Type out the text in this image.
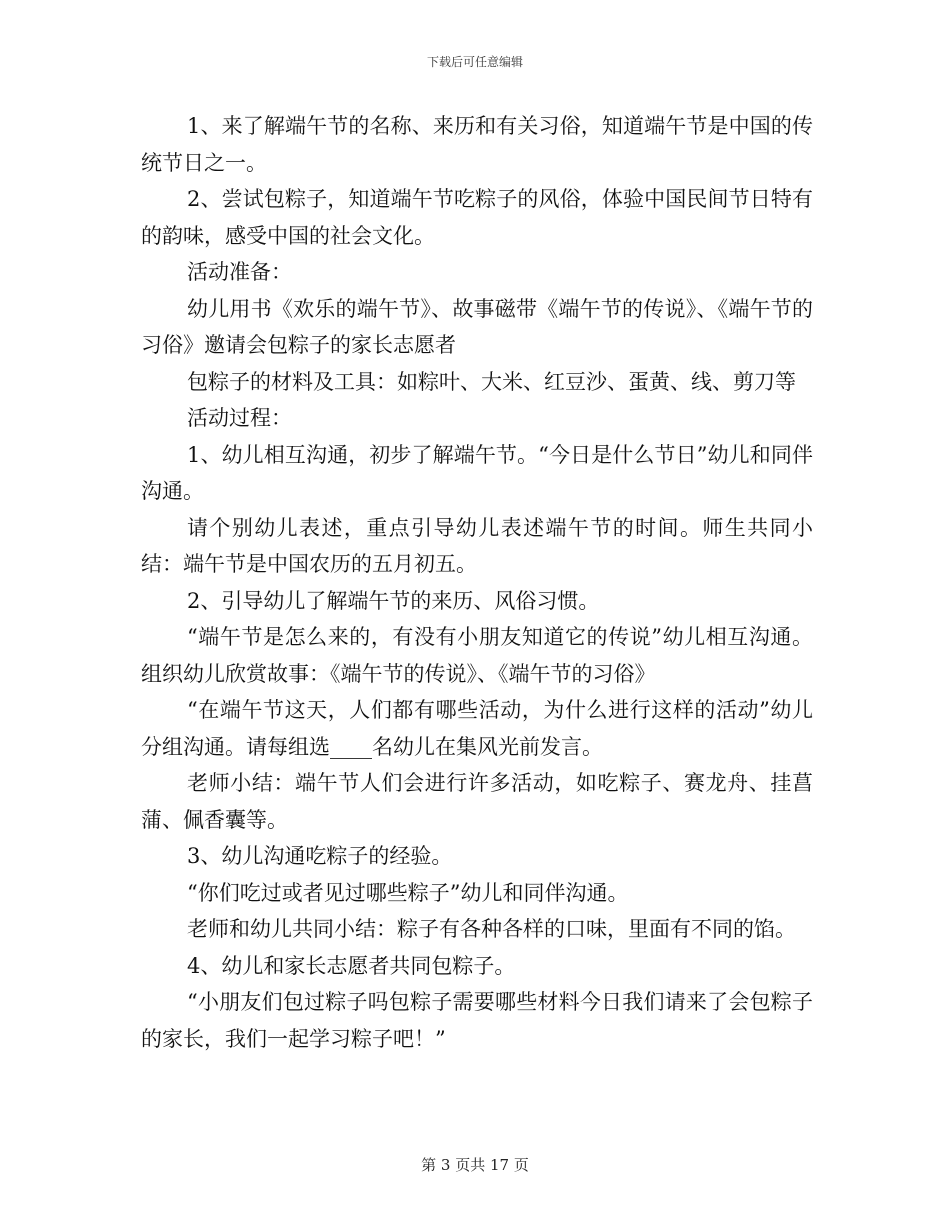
下载后可任意编辑

1、来了解端午节的名称、来历和有关习俗，知道端午节是中国的传统节日之一。

2、尝试包粽子，知道端午节吃粽子的风俗，体验中国民间节日特有的韵味，感受中国的社会文化。

活动准备：

幼儿用书《欢乐的端午节》、故事磁带《端午节的传说》、《端午节的习俗》邀请会包粽子的家长志愿者

包粽子的材料及工具：如粽叶、大米、红豆沙、蛋黄、线、剪刀等

活动过程：

1、幼儿相互沟通，初步了解端午节。“今日是什么节日”幼儿和同伴沟通。

请个别幼儿表述，重点引导幼儿表述端午节的时间。师生共同小结：端午节是中国农历的五月初五。

2、引导幼儿了解端午节的来历、风俗习惯。

“端午节是怎么来的，有没有小朋友知道它的传说”幼儿相互沟通。组织幼儿欣赏故事：《端午节的传说》、《端午节的习俗》

“在端午节这天，人们都有哪些活动，为什么进行这样的活动”幼儿分组沟通。请每组选____名幼儿在集风光前发言。

老师小结：端午节人们会进行许多活动，如吃粽子、赛龙舟、挂菖蒲、佩香囊等。

3、幼儿沟通吃粽子的经验。

“你们吃过或者见过哪些粽子”幼儿和同伴沟通。

老师和幼儿共同小结：粽子有各种各样的口味，里面有不同的馅。

4、幼儿和家长志愿者共同包粽子。

“小朋友们包过粽子吗包粽子需要哪些材料今日我们请来了会包粽子的家长，我们一起学习粽子吧！”

第 3 页共 17 页
